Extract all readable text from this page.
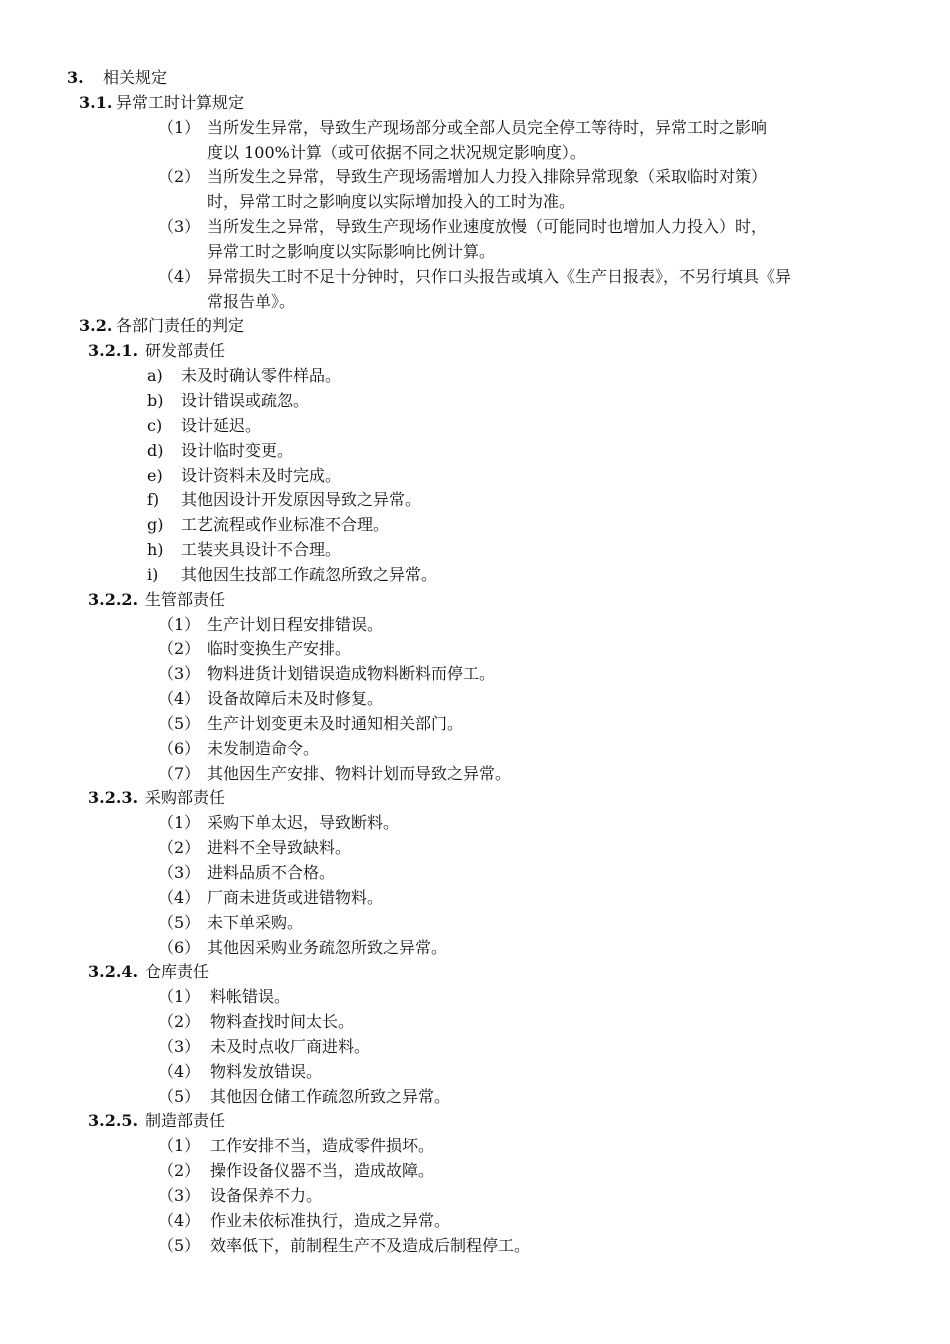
3. 相关规定
3.1. 异常工时计算规定
（1） 当所发生异常，导致生产现场部分或全部人员完全停工等待时，异常工时之影响
度以 100%计算（或可依据不同之状况规定影响度）。
（2） 当所发生之异常，导致生产现场需增加人力投入排除异常现象（采取临时对策）
时，异常工时之影响度以实际增加投入的工时为准。
（3） 当所发生之异常，导致生产现场作业速度放慢（可能同时也增加人力投入）时，
异常工时之影响度以实际影响比例计算。
（4） 异常损失工时不足十分钟时，只作口头报告或填入《生产日报表》，不另行填具《异
常报告单》。
3.2. 各部门责任的判定
3.2.1. 研发部责任
a) 未及时确认零件样品。
b) 设计错误或疏忽。
c) 设计延迟。
d) 设计临时变更。
e) 设计资料未及时完成。
f) 其他因设计开发原因导致之异常。
g) 工艺流程或作业标准不合理。
h) 工装夹具设计不合理。
i) 其他因生技部工作疏忽所致之异常。
3.2.2. 生管部责任
（1） 生产计划日程安排错误。
（2） 临时变换生产安排。
（3） 物料进货计划错误造成物料断料而停工。
（4） 设备故障后未及时修复。
（5） 生产计划变更未及时通知相关部门。
（6） 未发制造命令。
（7） 其他因生产安排、物料计划而导致之异常。
3.2.3. 采购部责任
（1） 采购下单太迟，导致断料。
（2） 进料不全导致缺料。
（3） 进料品质不合格。
（4） 厂商未进货或进错物料。
（5） 未下单采购。
（6） 其他因采购业务疏忽所致之异常。
3.2.4. 仓库责任
（1） 料帐错误。
（2） 物料查找时间太长。
（3） 未及时点收厂商进料。
（4） 物料发放错误。
（5） 其他因仓储工作疏忽所致之异常。
3.2.5. 制造部责任
（1） 工作安排不当，造成零件损坏。
（2） 操作设备仪器不当，造成故障。
（3） 设备保养不力。
（4） 作业未依标准执行，造成之异常。
（5） 效率低下，前制程生产不及造成后制程停工。
